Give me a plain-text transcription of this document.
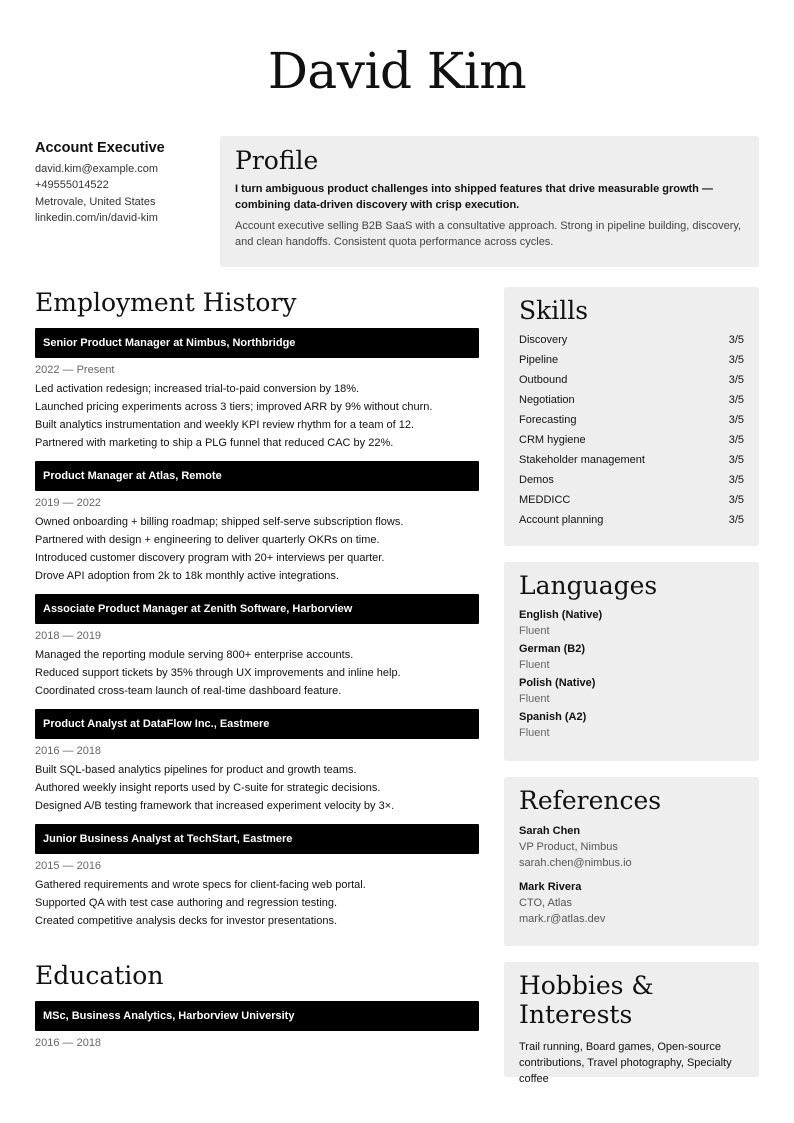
David Kim
Account Executive
david.kim@example.com
+49555014522
Metrovale, United States
linkedin.com/in/david-kim
Profile
I turn ambiguous product challenges into shipped features that drive measurable growth — combining data-driven discovery with crisp execution.
Account executive selling B2B SaaS with a consultative approach. Strong in pipeline building, discovery, and clean handoffs. Consistent quota performance across cycles.
Employment History
Senior Product Manager at Nimbus, Northbridge
2022 — Present
Led activation redesign; increased trial-to-paid conversion by 18%.
Launched pricing experiments across 3 tiers; improved ARR by 9% without churn.
Built analytics instrumentation and weekly KPI review rhythm for a team of 12.
Partnered with marketing to ship a PLG funnel that reduced CAC by 22%.
Product Manager at Atlas, Remote
2019 — 2022
Owned onboarding + billing roadmap; shipped self-serve subscription flows.
Partnered with design + engineering to deliver quarterly OKRs on time.
Introduced customer discovery program with 20+ interviews per quarter.
Drove API adoption from 2k to 18k monthly active integrations.
Associate Product Manager at Zenith Software, Harborview
2018 — 2019
Managed the reporting module serving 800+ enterprise accounts.
Reduced support tickets by 35% through UX improvements and inline help.
Coordinated cross-team launch of real-time dashboard feature.
Product Analyst at DataFlow Inc., Eastmere
2016 — 2018
Built SQL-based analytics pipelines for product and growth teams.
Authored weekly insight reports used by C-suite for strategic decisions.
Designed A/B testing framework that increased experiment velocity by 3×.
Junior Business Analyst at TechStart, Eastmere
2015 — 2016
Gathered requirements and wrote specs for client-facing web portal.
Supported QA with test case authoring and regression testing.
Created competitive analysis decks for investor presentations.
Education
MSc, Business Analytics, Harborview University
2016 — 2018
Skills
Discovery	3/5
Pipeline	3/5
Outbound	3/5
Negotiation	3/5
Forecasting	3/5
CRM hygiene	3/5
Stakeholder management	3/5
Demos	3/5
MEDDICC	3/5
Account planning	3/5
Languages
English (Native)
Fluent
German (B2)
Fluent
Polish (Native)
Fluent
Spanish (A2)
Fluent
References
Sarah Chen
VP Product, Nimbus
sarah.chen@nimbus.io
Mark Rivera
CTO, Atlas
mark.r@atlas.dev
Hobbies & Interests
Trail running, Board games, Open-source contributions, Travel photography, Specialty coffee
